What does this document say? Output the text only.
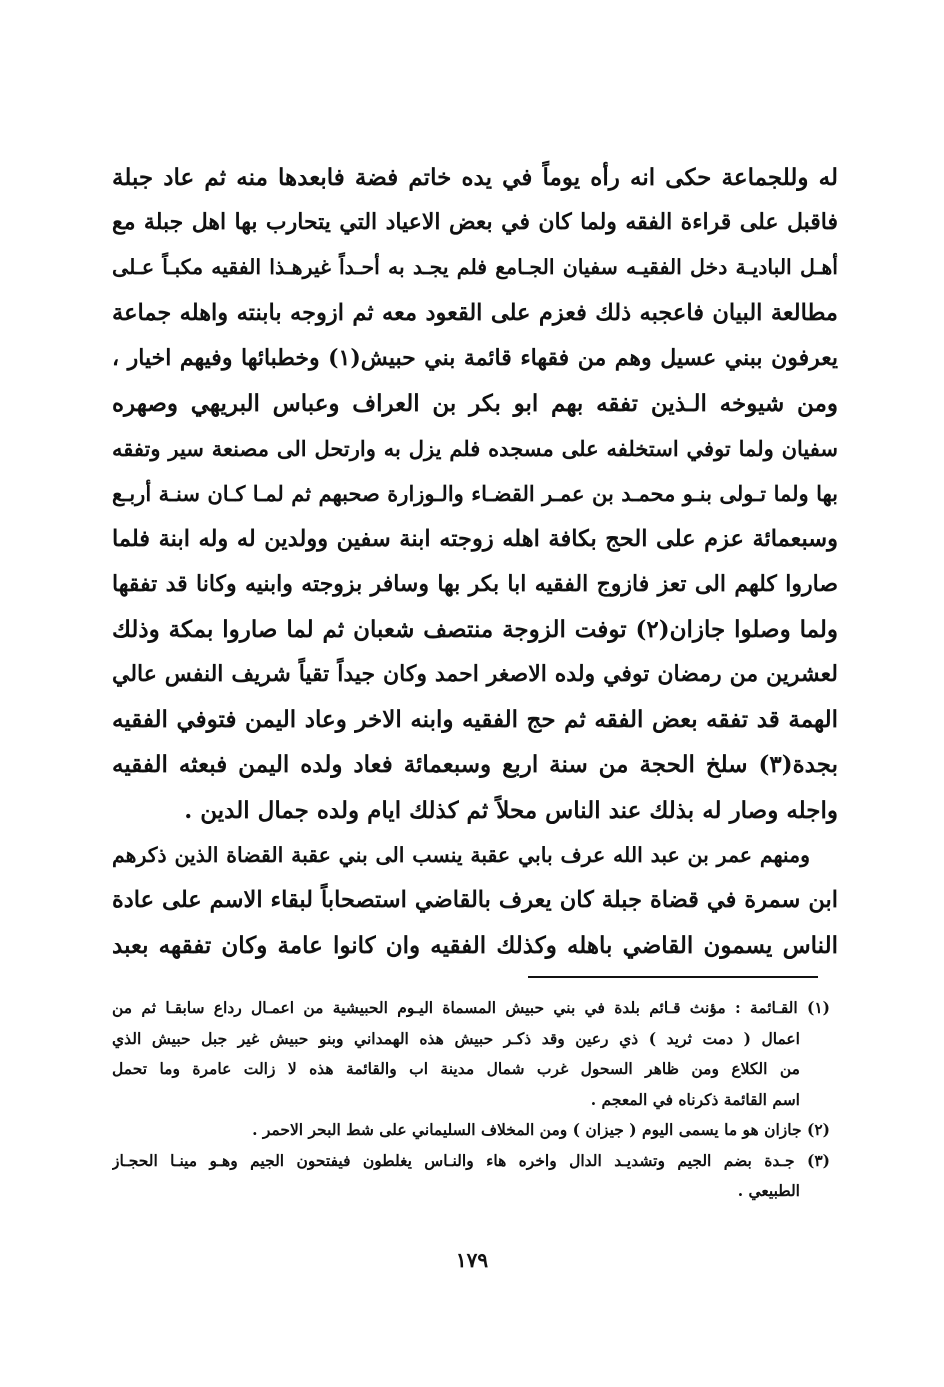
له وللجماعة حكى انه رأه يوماً في يده خاتم فضة فابعدها منه ثم عاد جبلة
فاقبل على قراءة الفقه ولما كان في بعض الاعياد التي يتحارب بها اهل جبلة مع
أهـل الباديـة دخل الفقيـه سفيان الجـامع فلم يجـد به أحـداً غيرهـذا الفقيه مكبـاً عـلى
مطالعة البيان فاعجبه ذلك فعزم على القعود معه ثم ازوجه بابنته واهله جماعة
يعرفون ببني عسيل وهم من فقهاء قائمة بني حبيش(١) وخطبائها وفيهم اخيار ،
ومن شيوخه الـذين تفقه بهم ابو بكر بن العراف وعباس البريهي وصهره
سفيان ولما توفي استخلفه على مسجده فلم يزل به وارتحل الى مصنعة سير وتفقه
بها ولما تـولى بنـو محمـد بن عمـر القضـاء والـوزارة صحبهم ثم لمـا كـان سنـة أربـع
وسبعمائة عزم على الحج بكافة اهله زوجته ابنة سفين وولدين له وله ابنة فلما
صاروا كلهم الى تعز فازوج الفقيه ابا بكر بها وسافر بزوجته وابنيه وكانا قد تفقها
ولما وصلوا جازان(٢) توفت الزوجة منتصف شعبان ثم لما صاروا بمكة وذلك
لعشرين من رمضان توفي ولده الاصغر احمد وكان جيداً تقياً شريف النفس عالي
الهمة قد تفقه بعض الفقه ثم حج الفقيه وابنه الاخر وعاد اليمن فتوفي الفقيه
بجدة(٣) سلخ الحجة من سنة اربع وسبعمائة فعاد ولده اليمن فبعثه الفقيه
واجله وصار له بذلك عند الناس محلاً ثم كذلك ايام ولده جمال الدين .
ومنهم عمر بن عبد الله عرف بابي عقبة ينسب الى بني عقبة القضاة الذين ذكرهم
ابن سمرة في قضاة جبلة كان يعرف بالقاضي استصحاباً لبقاء الاسم على عادة
الناس يسمون القاضي باهله وكذلك الفقيه وان كانوا عامة وكان تفقهه بعبد
(١) القـائمة : مؤنث قـائم بلدة في بني حبيش المسماة اليـوم الحبيشية من اعمـال رداع سابقـا ثم من
اعمال ( دمت ثريد ) ذي رعين وقد ذكـر حبيش هذه الهمداني وبنو حبيش غير جبل حبيش الذي
من الكلاع ومن ظاهر السحول غرب شمال مدينة اب والقائمة هذه لا زالت عامرة وما تحمل
اسم القائمة ذكرناه في المعجم .
(٢) جازان هو ما يسمى اليوم ( جيزان ) ومن المخلاف السليماني على شط البحر الاحمر .
(٣) جـدة بضم الجيم وتشديـد الدال واخره هاء والنـاس يغلطون فيفتحون الجيم وهـو مينـا الحجـاز
الطبيعي .
١٧٩
